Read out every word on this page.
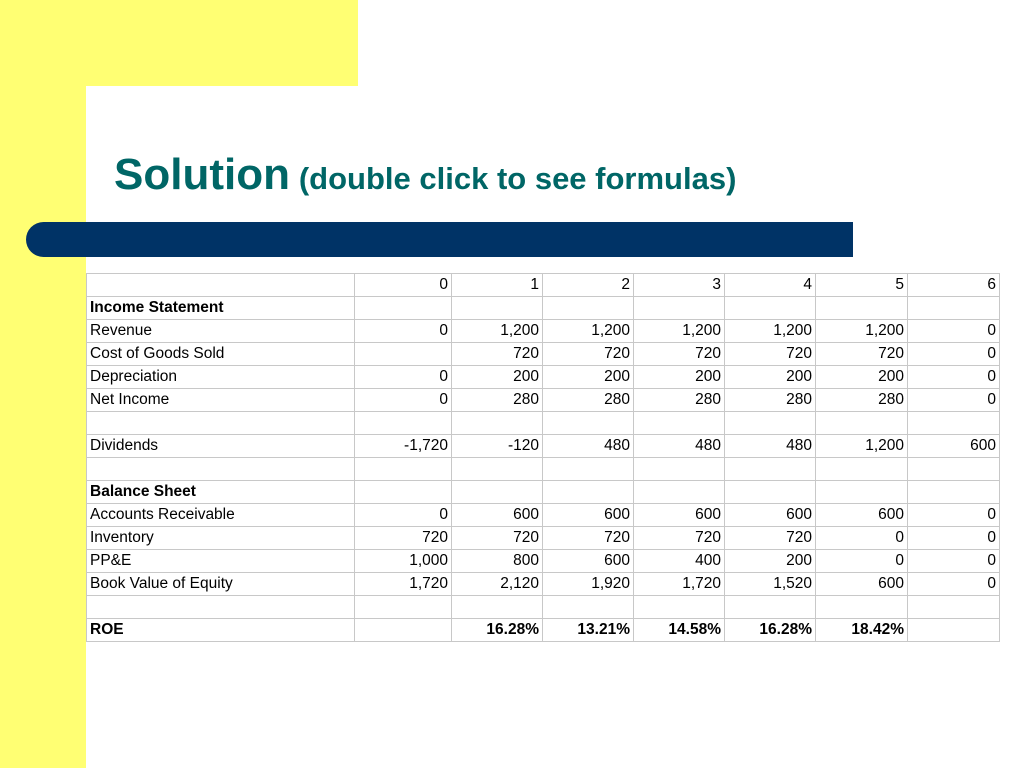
Solution (double click to see formulas)
	0	1	2	3	4	5	6
Income Statement							
Revenue	0	1,200	1,200	1,200	1,200	1,200	0
Cost of Goods Sold		720	720	720	720	720	0
Depreciation	0	200	200	200	200	200	0
Net Income	0	280	280	280	280	280	0

Dividends	-1,720	-120	480	480	480	1,200	600

Balance Sheet							
Accounts Receivable	0	600	600	600	600	600	0
Inventory	720	720	720	720	720	0	0
PP&E	1,000	800	600	400	200	0	0
Book Value of Equity	1,720	2,120	1,920	1,720	1,520	600	0

ROE		16.28%	13.21%	14.58%	16.28%	18.42%	
